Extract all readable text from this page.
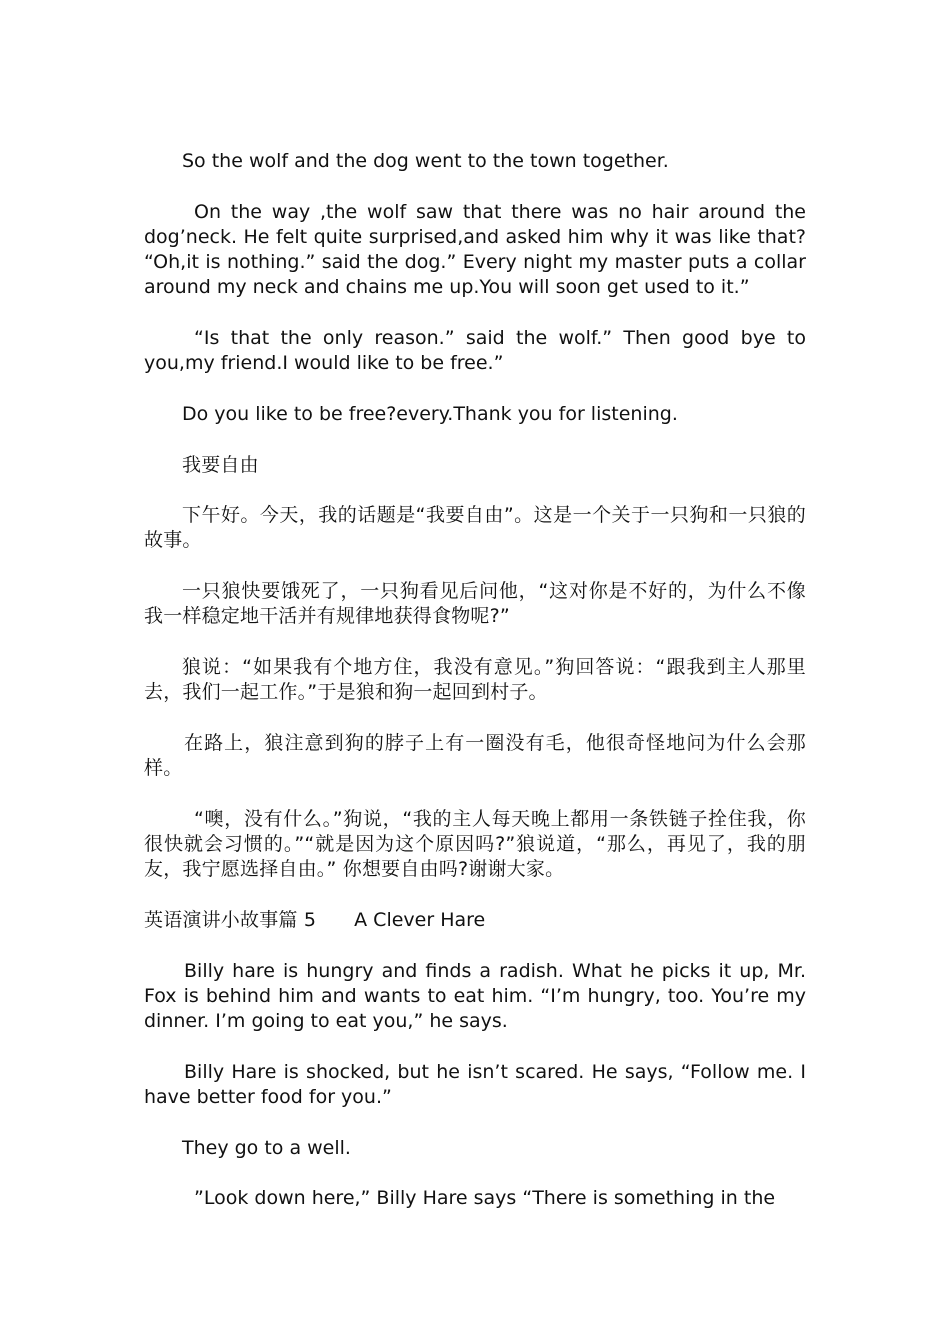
So the wolf and the dog went to the town together.

On the way ,the wolf saw that there was no hair around the dog’neck. He felt quite surprised,and asked him why it was like that? “Oh,it is nothing.” said the dog.” Every night my master puts a collar around my neck and chains me up.You will soon get used to it.”

“Is that the only reason.” said the wolf.” Then good bye to you,my friend.I would like to be free.”

Do you like to be free?every.Thank you for listening.

我要自由

下午好。今天，我的话题是“我要自由”。这是一个关于一只狗和一只狼的故事。

一只狼快要饿死了，一只狗看见后问他，“这对你是不好的，为什么不像我一样稳定地干活并有规律地获得食物呢?”

狼说：“如果我有个地方住，我没有意见。”狗回答说：“跟我到主人那里去，我们一起工作。”于是狼和狗一起回到村子。

在路上，狼注意到狗的脖子上有一圈没有毛，他很奇怪地问为什么会那样。

“噢，没有什么。”狗说，“我的主人每天晚上都用一条铁链子拴住我，你很快就会习惯的。”“就是因为这个原因吗?”狼说道，“那么，再见了，我的朋友，我宁愿选择自由。” 你想要自由吗?谢谢大家。

英语演讲小故事篇 5 A Clever Hare

Billy hare is hungry and finds a radish. What he picks it up, Mr. Fox is behind him and wants to eat him. “I’m hungry, too. You’re my dinner. I’m going to eat you,” he says.

Billy Hare is shocked, but he isn’t scared. He says, “Follow me. I have better food for you.”

They go to a well.

”Look down here,” Billy Hare says “There is something in the
